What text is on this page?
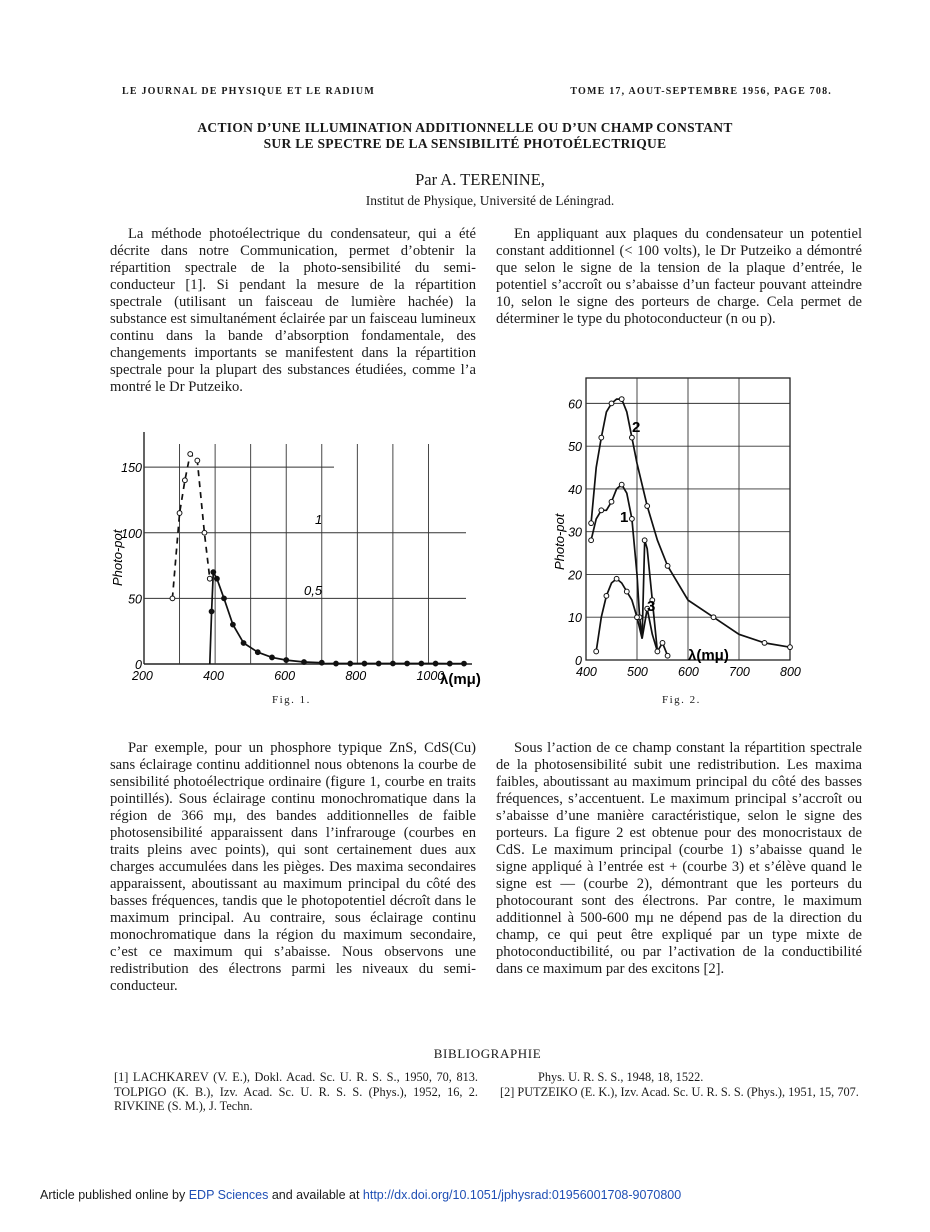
LE JOURNAL DE PHYSIQUE ET LE RADIUM	TOME 17, AOUT-SEPTEMBRE 1956, PAGE 708.
ACTION D’UNE ILLUMINATION ADDITIONNELLE OU D’UN CHAMP CONSTANT
SUR LE SPECTRE DE LA SENSIBILITÉ PHOTOÉLECTRIQUE
Par A. TERENINE,
Institut de Physique, Université de Léningrad.

La méthode photoélectrique du condensateur, qui a été décrite dans notre Communication, permet d’obtenir la répartition spectrale de la photo-sensibilité du semi-conducteur [1]. Si pendant la mesure de la répartition spectrale (utilisant un faisceau de lumière hachée) la substance est simultanément éclairée par un faisceau lumineux continu dans la bande d’absorption fondamentale, des changements importants se manifestent dans la répartition spectrale pour la plupart des substances étudiées, comme l’a montré le Dr Putzeiko.

En appliquant aux plaques du condensateur un potentiel constant additionnel (< 100 volts), le Dr Putzeiko a démontré que selon le signe de la tension de la plaque d’entrée, le potentiel s’accroît ou s’abaisse d’un facteur pouvant atteindre 10, selon le signe des porteurs de charge. Cela permet de déterminer le type du photoconducteur (n ou p).

200	400	600	800	1000
0
50
100
150
1
0,5
λ(mμ)
Photo-pot
Fig. 1.
400 500 600 700 800
0
10
20
30
40
50
60
2
1
3
λ(mμ)
Photo-pot
Fig. 2.

Par exemple, pour un phosphore typique ZnS, CdS(Cu) sans éclairage continu additionnel nous obtenons la courbe de sensibilité photoélectrique ordinaire (figure 1, courbe en traits pointillés). Sous éclairage continu monochromatique dans la région de 366 mμ, des bandes additionnelles de faible photosensibilité apparaissent dans l’infrarouge (courbes en traits pleins avec points), qui sont certainement dues aux charges accumulées dans les pièges. Des maxima secondaires apparaissent, aboutissant au maximum principal du côté des basses fréquences, tandis que le photopotentiel décroît dans le maximum principal. Au contraire, sous éclairage continu monochromatique dans la région du maximum secondaire, c’est ce maximum qui s’abaisse. Nous observons une redistribution des électrons parmi les niveaux du semi-conducteur.

Sous l’action de ce champ constant la répartition spectrale de la photosensibilité subit une redistribution. Les maxima faibles, aboutissant au maximum principal du côté des basses fréquences, s’accentuent. Le maximum principal s’accroît ou s’abaisse d’une manière caractéristique, selon le signe des porteurs. La figure 2 est obtenue pour des monocristaux de CdS. Le maximum principal (courbe 1) s’abaisse quand le signe appliqué à l’entrée est + (courbe 3) et s’élève quand le signe est — (courbe 2), démontrant que les porteurs du photocourant sont des électrons. Par contre, le maximum additionnel à 500-600 mμ ne dépend pas de la direction du champ, ce qui peut être expliqué par un type mixte de photoconductibilité, ou par l’activation de la conductibilité dans ce maximum par des excitons [2].

BIBLIOGRAPHIE

[1] LACHKAREV (V. E.), Dokl. Acad. Sc. U. R. S. S., 1950, 70, 813. TOLPIGO (K. B.), Izv. Acad. Sc. U. R. S. S. (Phys.), 1952, 16, 2. RIVKINE (S. M.), J. Techn.

Phys. U. R. S. S., 1948, 18, 1522.

[2] PUTZEIKO (E. K.), Izv. Acad. Sc. U. R. S. S. (Phys.), 1951, 15, 707.

Article published online by EDP Sciences and available at http://dx.doi.org/10.1051/jphysrad:01956001708-9070800
